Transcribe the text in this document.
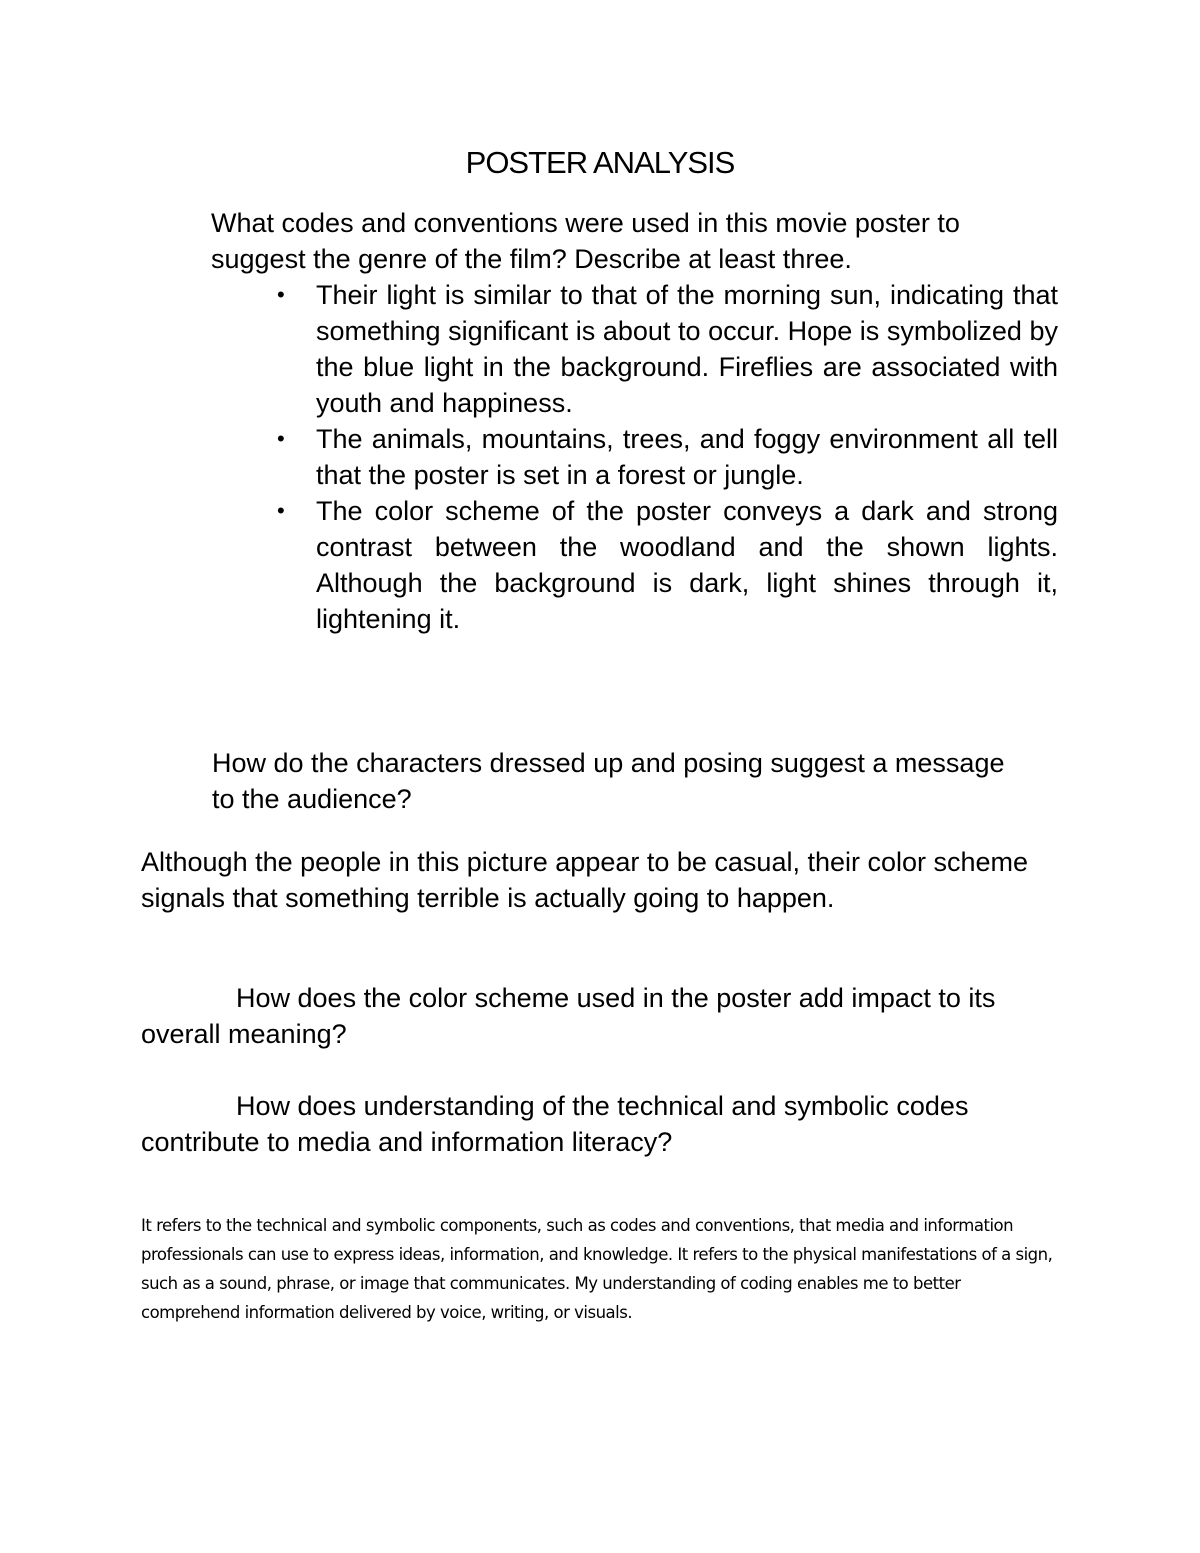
POSTER ANALYSIS

What codes and conventions were used in this movie poster to suggest the genre of the film? Describe at least three.

• Their light is similar to that of the morning sun, indicating that something significant is about to occur. Hope is symbolized by the blue light in the background. Fireflies are associated with youth and happiness.
• The animals, mountains, trees, and foggy environment all tell that the poster is set in a forest or jungle.
• The color scheme of the poster conveys a dark and strong contrast between the woodland and the shown lights. Although the background is dark, light shines through it, lightening it.

How do the characters dressed up and posing suggest a message to the audience?

Although the people in this picture appear to be casual, their color scheme signals that something terrible is actually going to happen.

How does the color scheme used in the poster add impact to its overall meaning?

How does understanding of the technical and symbolic codes contribute to media and information literacy?

It refers to the technical and symbolic components, such as codes and conventions, that media and information professionals can use to express ideas, information, and knowledge. It refers to the physical manifestations of a sign, such as a sound, phrase, or image that communicates. My understanding of coding enables me to better comprehend information delivered by voice, writing, or visuals.
